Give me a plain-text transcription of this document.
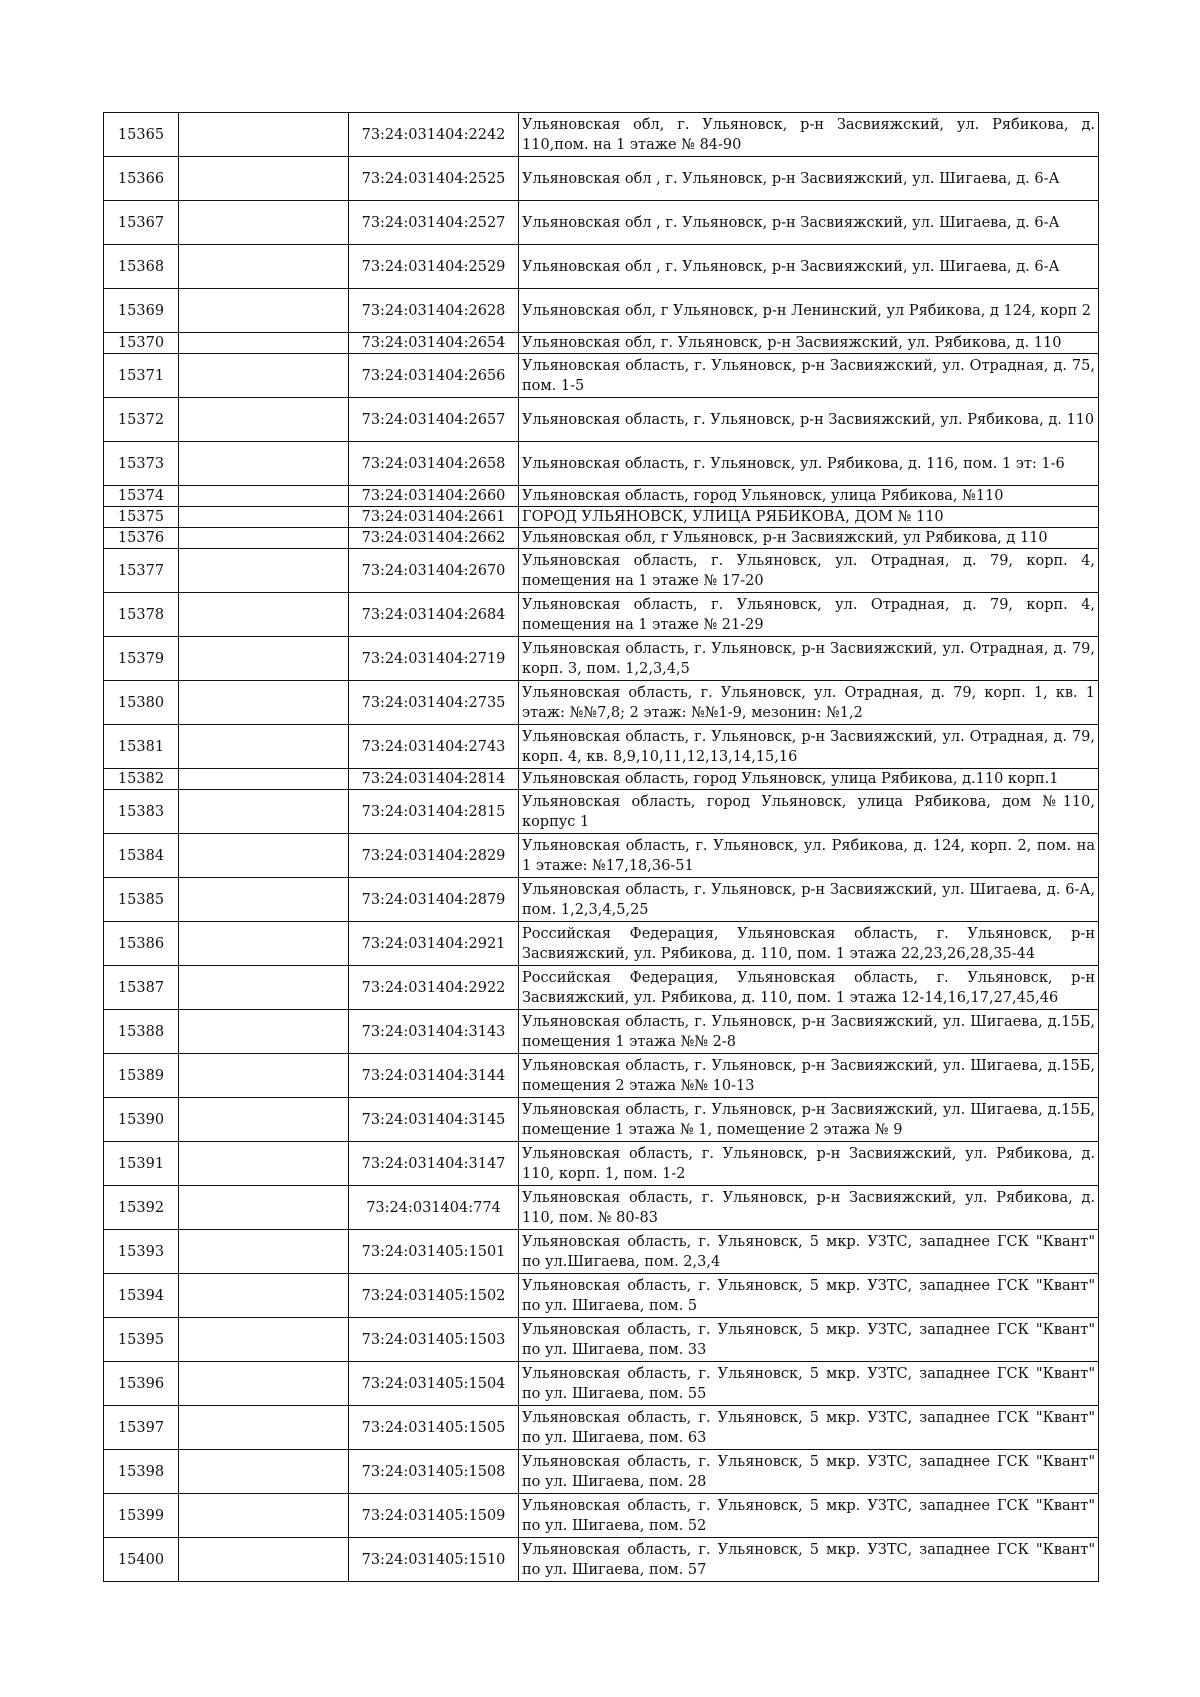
15365		73:24:031404:2242	Ульяновская обл, г. Ульяновск, р-н Засвияжский, ул. Рябикова, д. 110,пом. на 1 этаже № 84-90
15366		73:24:031404:2525	Ульяновская обл , г. Ульяновск, р-н Засвияжский, ул. Шигаева, д. 6-А
15367		73:24:031404:2527	Ульяновская обл , г. Ульяновск, р-н Засвияжский, ул. Шигаева, д. 6-А
15368		73:24:031404:2529	Ульяновская обл , г. Ульяновск, р-н Засвияжский, ул. Шигаева, д. 6-А
15369		73:24:031404:2628	Ульяновская обл, г Ульяновск, р-н Ленинский, ул Рябикова, д 124, корп 2
15370		73:24:031404:2654	Ульяновская обл, г. Ульяновск, р-н Засвияжский, ул. Рябикова, д. 110
15371		73:24:031404:2656	Ульяновская область, г. Ульяновск, р-н Засвияжский, ул. Отрадная, д. 75, пом. 1-5
15372		73:24:031404:2657	Ульяновская область, г. Ульяновск, р-н Засвияжский, ул. Рябикова, д. 110
15373		73:24:031404:2658	Ульяновская область, г. Ульяновск, ул. Рябикова, д. 116, пом. 1 эт: 1-6
15374		73:24:031404:2660	Ульяновская область, город Ульяновск, улица Рябикова, №110
15375		73:24:031404:2661	ГОРОД УЛЬЯНОВСК, УЛИЦА РЯБИКОВА, ДОМ № 110
15376		73:24:031404:2662	Ульяновская обл, г Ульяновск, р-н Засвияжский, ул Рябикова, д 110
15377		73:24:031404:2670	Ульяновская область, г. Ульяновск, ул. Отрадная, д. 79, корп. 4, помещения на 1 этаже № 17-20
15378		73:24:031404:2684	Ульяновская область, г. Ульяновск, ул. Отрадная, д. 79, корп. 4, помещения на 1 этаже № 21-29
15379		73:24:031404:2719	Ульяновская область, г. Ульяновск, р-н Засвияжский, ул. Отрадная, д. 79, корп. 3, пом. 1,2,3,4,5
15380		73:24:031404:2735	Ульяновская область, г. Ульяновск, ул. Отрадная, д. 79, корп. 1, кв. 1 этаж: №№7,8; 2 этаж: №№1-9, мезонин: №1,2
15381		73:24:031404:2743	Ульяновская область, г. Ульяновск, р-н Засвияжский, ул. Отрадная, д. 79, корп. 4, кв. 8,9,10,11,12,13,14,15,16
15382		73:24:031404:2814	Ульяновская область, город Ульяновск, улица Рябикова, д.110 корп.1
15383		73:24:031404:2815	Ульяновская область, город Ульяновск, улица Рябикова, дом №110, корпус 1
15384		73:24:031404:2829	Ульяновская область, г. Ульяновск, ул. Рябикова, д. 124, корп. 2, пом. на 1 этаже: №17,18,36-51
15385		73:24:031404:2879	Ульяновская область, г. Ульяновск, р-н Засвияжский, ул. Шигаева, д. 6-А, пом. 1,2,3,4,5,25
15386		73:24:031404:2921	Российская Федерация, Ульяновская область, г. Ульяновск, р-н Засвияжский, ул. Рябикова, д. 110, пом. 1 этажа 22,23,26,28,35-44
15387		73:24:031404:2922	Российская Федерация, Ульяновская область, г. Ульяновск, р-н Засвияжский, ул. Рябикова, д. 110, пом. 1 этажа 12-14,16,17,27,45,46
15388		73:24:031404:3143	Ульяновская область, г. Ульяновск, р-н Засвияжский, ул. Шигаева, д.15Б, помещения 1 этажа №№ 2-8
15389		73:24:031404:3144	Ульяновская область, г. Ульяновск, р-н Засвияжский, ул. Шигаева, д.15Б, помещения 2 этажа №№ 10-13
15390		73:24:031404:3145	Ульяновская область, г. Ульяновск, р-н Засвияжский, ул. Шигаева, д.15Б, помещение 1 этажа № 1, помещение 2 этажа № 9
15391		73:24:031404:3147	Ульяновская область, г. Ульяновск, р-н Засвияжский, ул. Рябикова, д. 110, корп. 1, пом. 1-2
15392		73:24:031404:774	Ульяновская область, г. Ульяновск, р-н Засвияжский, ул. Рябикова, д. 110, пом. № 80-83
15393		73:24:031405:1501	Ульяновская область, г. Ульяновск, 5 мкр. УЗТС, западнее ГСК "Квант" по ул.Шигаева, пом. 2,3,4
15394		73:24:031405:1502	Ульяновская область, г. Ульяновск, 5 мкр. УЗТС, западнее ГСК "Квант" по ул. Шигаева, пом. 5
15395		73:24:031405:1503	Ульяновская область, г. Ульяновск, 5 мкр. УЗТС, западнее ГСК "Квант" по ул. Шигаева, пом. 33
15396		73:24:031405:1504	Ульяновская область, г. Ульяновск, 5 мкр. УЗТС, западнее ГСК "Квант" по ул. Шигаева, пом. 55
15397		73:24:031405:1505	Ульяновская область, г. Ульяновск, 5 мкр. УЗТС, западнее ГСК "Квант" по ул. Шигаева, пом. 63
15398		73:24:031405:1508	Ульяновская область, г. Ульяновск, 5 мкр. УЗТС, западнее ГСК "Квант" по ул. Шигаева, пом. 28
15399		73:24:031405:1509	Ульяновская область, г. Ульяновск, 5 мкр. УЗТС, западнее ГСК "Квант" по ул. Шигаева, пом. 52
15400		73:24:031405:1510	Ульяновская область, г. Ульяновск, 5 мкр. УЗТС, западнее ГСК "Квант" по ул. Шигаева, пом. 57
